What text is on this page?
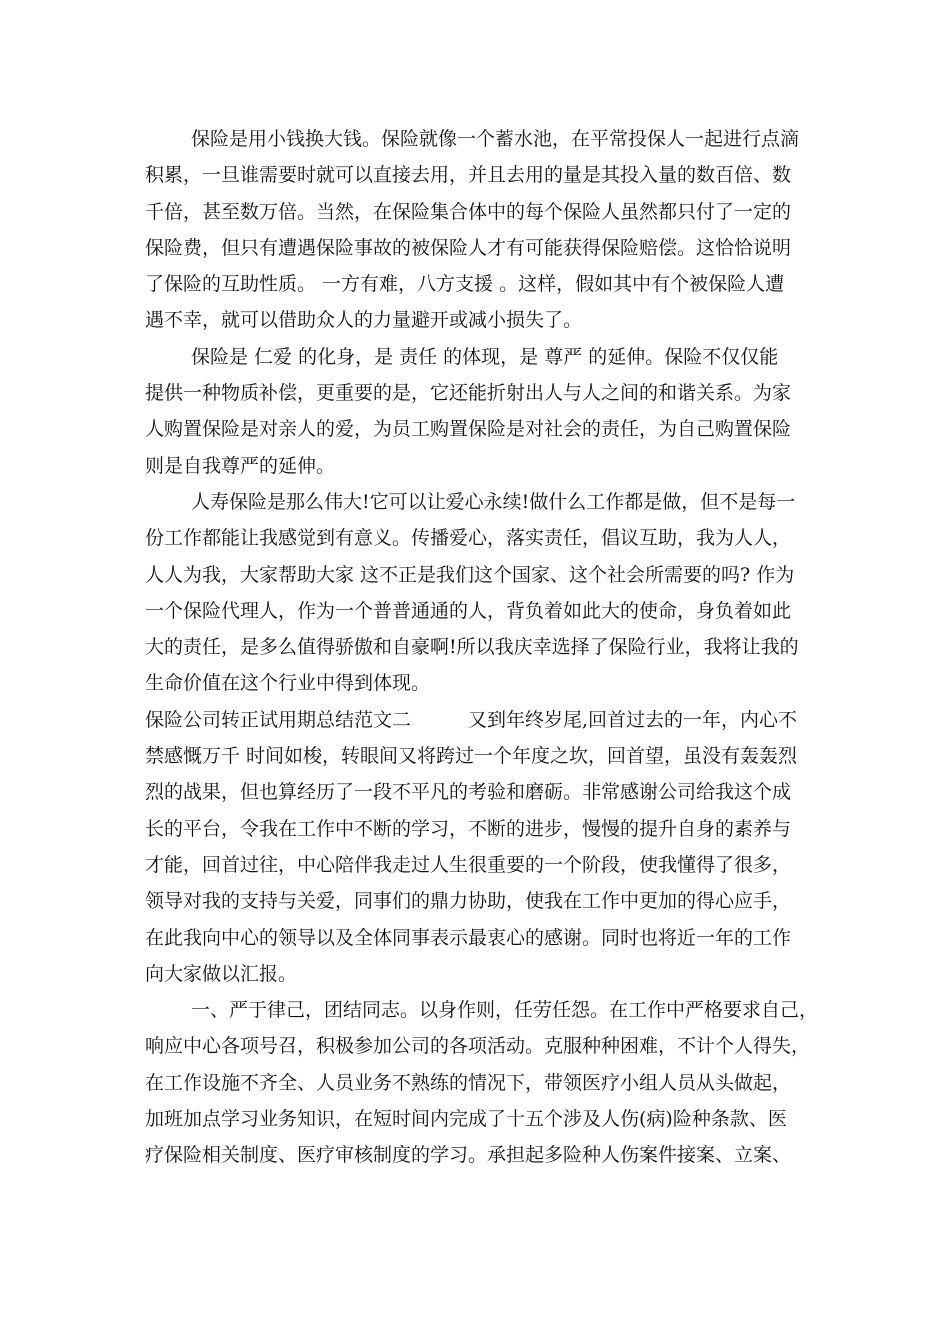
保险是用小钱换大钱。保险就像一个蓄水池，在平常投保人一起进行点滴
积累，一旦谁需要时就可以直接去用，并且去用的量是其投入量的数百倍、数
千倍，甚至数万倍。当然，在保险集合体中的每个保险人虽然都只付了一定的
保险费，但只有遭遇保险事故的被保险人才有可能获得保险赔偿。这恰恰说明
了保险的互助性质。 一方有难，八方支援 。这样，假如其中有个被保险人遭
遇不幸，就可以借助众人的力量避开或减小损失了。
保险是 仁爱 的化身，是 责任 的体现，是 尊严 的延伸。保险不仅仅能
提供一种物质补偿，更重要的是，它还能折射出人与人之间的和谐关系。为家
人购置保险是对亲人的爱，为员工购置保险是对社会的责任，为自己购置保险
则是自我尊严的延伸。
人寿保险是那么伟大!它可以让爱心永续!做什么工作都是做，但不是每一
份工作都能让我感觉到有意义。传播爱心，落实责任，倡议互助，我为人人，
人人为我，大家帮助大家 这不正是我们这个国家、这个社会所需要的吗? 作为
一个保险代理人，作为一个普普通通的人，背负着如此大的使命，身负着如此
大的责任，是多么值得骄傲和自豪啊!所以我庆幸选择了保险行业，我将让我的
生命价值在这个行业中得到体现。
保险公司转正试用期总结范文二　　　又到年终岁尾,回首过去的一年，内心不
禁感慨万千 时间如梭，转眼间又将跨过一个年度之坎，回首望，虽没有轰轰烈
烈的战果，但也算经历了一段不平凡的考验和磨砺。非常感谢公司给我这个成
长的平台，令我在工作中不断的学习，不断的进步，慢慢的提升自身的素养与
才能，回首过往，中心陪伴我走过人生很重要的一个阶段，使我懂得了很多，
领导对我的支持与关爱，同事们的鼎力协助，使我在工作中更加的得心应手，
在此我向中心的领导以及全体同事表示最衷心的感谢。同时也将近一年的工作
向大家做以汇报。
一、严于律己，团结同志。以身作则，任劳任怨。在工作中严格要求自己，
响应中心各项号召，积极参加公司的各项活动。克服种种困难，不计个人得失，
在工作设施不齐全、人员业务不熟练的情况下，带领医疗小组人员从头做起，
加班加点学习业务知识，在短时间内完成了十五个涉及人伤(病)险种条款、医
疗保险相关制度、医疗审核制度的学习。承担起多险种人伤案件接案、立案、
